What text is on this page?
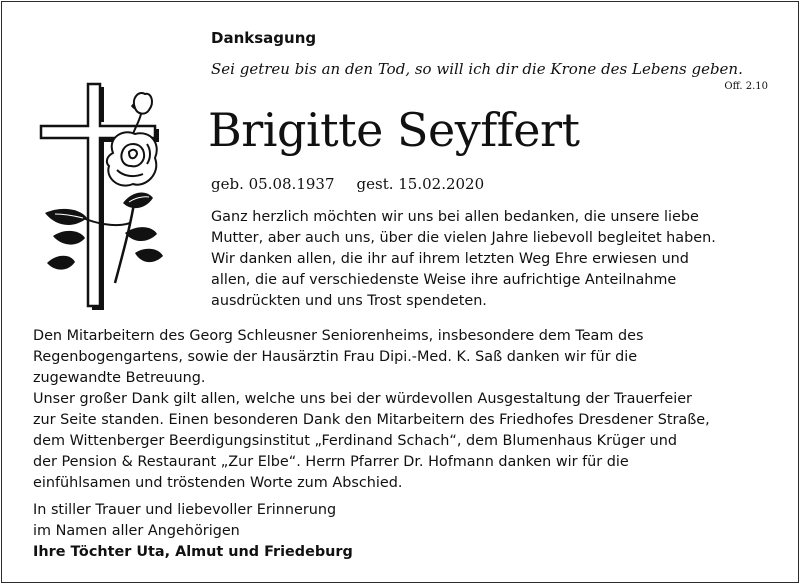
Danksagung
Sei getreu bis an den Tod, so will ich dir die Krone des Lebens geben.
Off. 2.10
Brigitte Seyffert
geb. 05.08.1937 gest. 15.02.2020
Ganz herzlich möchten wir uns bei allen bedanken, die unsere liebe
Mutter, aber auch uns, über die vielen Jahre liebevoll begleitet haben.
Wir danken allen, die ihr auf ihrem letzten Weg Ehre erwiesen und
allen, die auf verschiedenste Weise ihre aufrichtige Anteilnahme
ausdrückten und uns Trost spendeten.
Den Mitarbeitern des Georg Schleusner Seniorenheims, insbesondere dem Team des
Regenbogengartens, sowie der Hausärztin Frau Dipi.-Med. K. Saß danken wir für die
zugewandte Betreuung.
Unser großer Dank gilt allen, welche uns bei der würdevollen Ausgestaltung der Trauerfeier
zur Seite standen. Einen besonderen Dank den Mitarbeitern des Friedhofes Dresdener Straße,
dem Wittenberger Beerdigungsinstitut „Ferdinand Schach“, dem Blumenhaus Krüger und
der Pension & Restaurant „Zur Elbe“. Herrn Pfarrer Dr. Hofmann danken wir für die
einfühlsamen und tröstenden Worte zum Abschied.
In stiller Trauer und liebevoller Erinnerung
im Namen aller Angehörigen
Ihre Töchter Uta, Almut und Friedeburg
